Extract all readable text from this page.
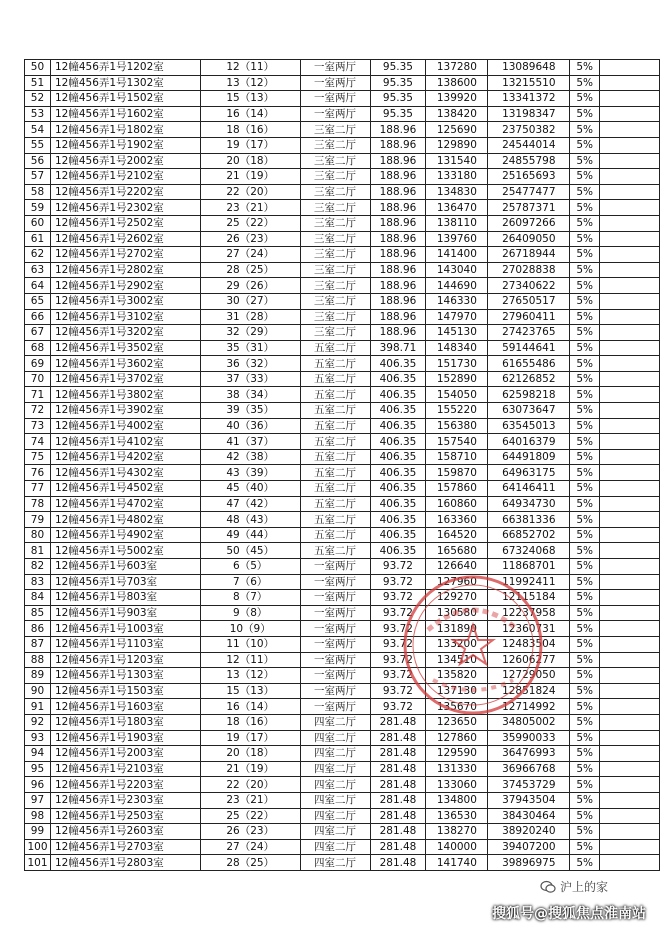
50	12幢456弄1号1202室	12（11）	一室两厅	95.35	137280	13089648	5%	
51	12幢456弄1号1302室	13（12）	一室两厅	95.35	138600	13215510	5%	
52	12幢456弄1号1502室	15（13）	一室两厅	95.35	139920	13341372	5%	
53	12幢456弄1号1602室	16（14）	一室两厅	95.35	138420	13198347	5%	
54	12幢456弄1号1802室	18（16）	三室二厅	188.96	125690	23750382	5%	
55	12幢456弄1号1902室	19（17）	三室二厅	188.96	129890	24544014	5%	
56	12幢456弄1号2002室	20（18）	三室二厅	188.96	131540	24855798	5%	
57	12幢456弄1号2102室	21（19）	三室二厅	188.96	133180	25165693	5%	
58	12幢456弄1号2202室	22（20）	三室二厅	188.96	134830	25477477	5%	
59	12幢456弄1号2302室	23（21）	三室二厅	188.96	136470	25787371	5%	
60	12幢456弄1号2502室	25（22）	三室二厅	188.96	138110	26097266	5%	
61	12幢456弄1号2602室	26（23）	三室二厅	188.96	139760	26409050	5%	
62	12幢456弄1号2702室	27（24）	三室二厅	188.96	141400	26718944	5%	
63	12幢456弄1号2802室	28（25）	三室二厅	188.96	143040	27028838	5%	
64	12幢456弄1号2902室	29（26）	三室二厅	188.96	144690	27340622	5%	
65	12幢456弄1号3002室	30（27）	三室二厅	188.96	146330	27650517	5%	
66	12幢456弄1号3102室	31（28）	三室二厅	188.96	147970	27960411	5%	
67	12幢456弄1号3202室	32（29）	三室二厅	188.96	145130	27423765	5%	
68	12幢456弄1号3502室	35（31）	五室二厅	398.71	148340	59144641	5%	
69	12幢456弄1号3602室	36（32）	五室二厅	406.35	151730	61655486	5%	
70	12幢456弄1号3702室	37（33）	五室二厅	406.35	152890	62126852	5%	
71	12幢456弄1号3802室	38（34）	五室二厅	406.35	154050	62598218	5%	
72	12幢456弄1号3902室	39（35）	五室二厅	406.35	155220	63073647	5%	
73	12幢456弄1号4002室	40（36）	五室二厅	406.35	156380	63545013	5%	
74	12幢456弄1号4102室	41（37）	五室二厅	406.35	157540	64016379	5%	
75	12幢456弄1号4202室	42（38）	五室二厅	406.35	158710	64491809	5%	
76	12幢456弄1号4302室	43（39）	五室二厅	406.35	159870	64963175	5%	
77	12幢456弄1号4502室	45（40）	五室二厅	406.35	157860	64146411	5%	
78	12幢456弄1号4702室	47（42）	五室二厅	406.35	160860	64934730	5%	
79	12幢456弄1号4802室	48（43）	五室二厅	406.35	163360	66381336	5%	
80	12幢456弄1号4902室	49（44）	五室二厅	406.35	164520	66852702	5%	
81	12幢456弄1号5002室	50（45）	五室二厅	406.35	165680	67324068	5%	
82	12幢456弄1号603室	6（5）	一室两厅	93.72	126640	11868701	5%	
83	12幢456弄1号703室	7（6）	一室两厅	93.72	127960	11992411	5%	
84	12幢456弄1号803室	8（7）	一室两厅	93.72	129270	12115184	5%	
85	12幢456弄1号903室	9（8）	一室两厅	93.72	130580	12237958	5%	
86	12幢456弄1号1003室	10（9）	一室两厅	93.72	131890	12360731	5%	
87	12幢456弄1号1103室	11（10）	一室两厅	93.72	133200	12483504	5%	
88	12幢456弄1号1203室	12（11）	一室两厅	93.72	134510	12606277	5%	
89	12幢456弄1号1303室	13（12）	一室两厅	93.72	135820	12729050	5%	
90	12幢456弄1号1503室	15（13）	一室两厅	93.72	137130	12851824	5%	
91	12幢456弄1号1603室	16（14）	一室两厅	93.72	135670	12714992	5%	
92	12幢456弄1号1803室	18（16）	四室二厅	281.48	123650	34805002	5%	
93	12幢456弄1号1903室	19（17）	四室二厅	281.48	127860	35990033	5%	
94	12幢456弄1号2003室	20（18）	四室二厅	281.48	129590	36476993	5%	
95	12幢456弄1号2103室	21（19）	四室二厅	281.48	131330	36966768	5%	
96	12幢456弄1号2203室	22（20）	四室二厅	281.48	133060	37453729	5%	
97	12幢456弄1号2303室	23（21）	四室二厅	281.48	134800	37943504	5%	
98	12幢456弄1号2503室	25（22）	四室二厅	281.48	136530	38430464	5%	
99	12幢456弄1号2603室	26（23）	四室二厅	281.48	138270	38920240	5%	
100	12幢456弄1号2703室	27（24）	四室二厅	281.48	140000	39407200	5%	
101	12幢456弄1号2803室	28（25）	四室二厅	281.48	141740	39896975	5%	
沪上的家
搜狐号@搜狐焦点淮南站
